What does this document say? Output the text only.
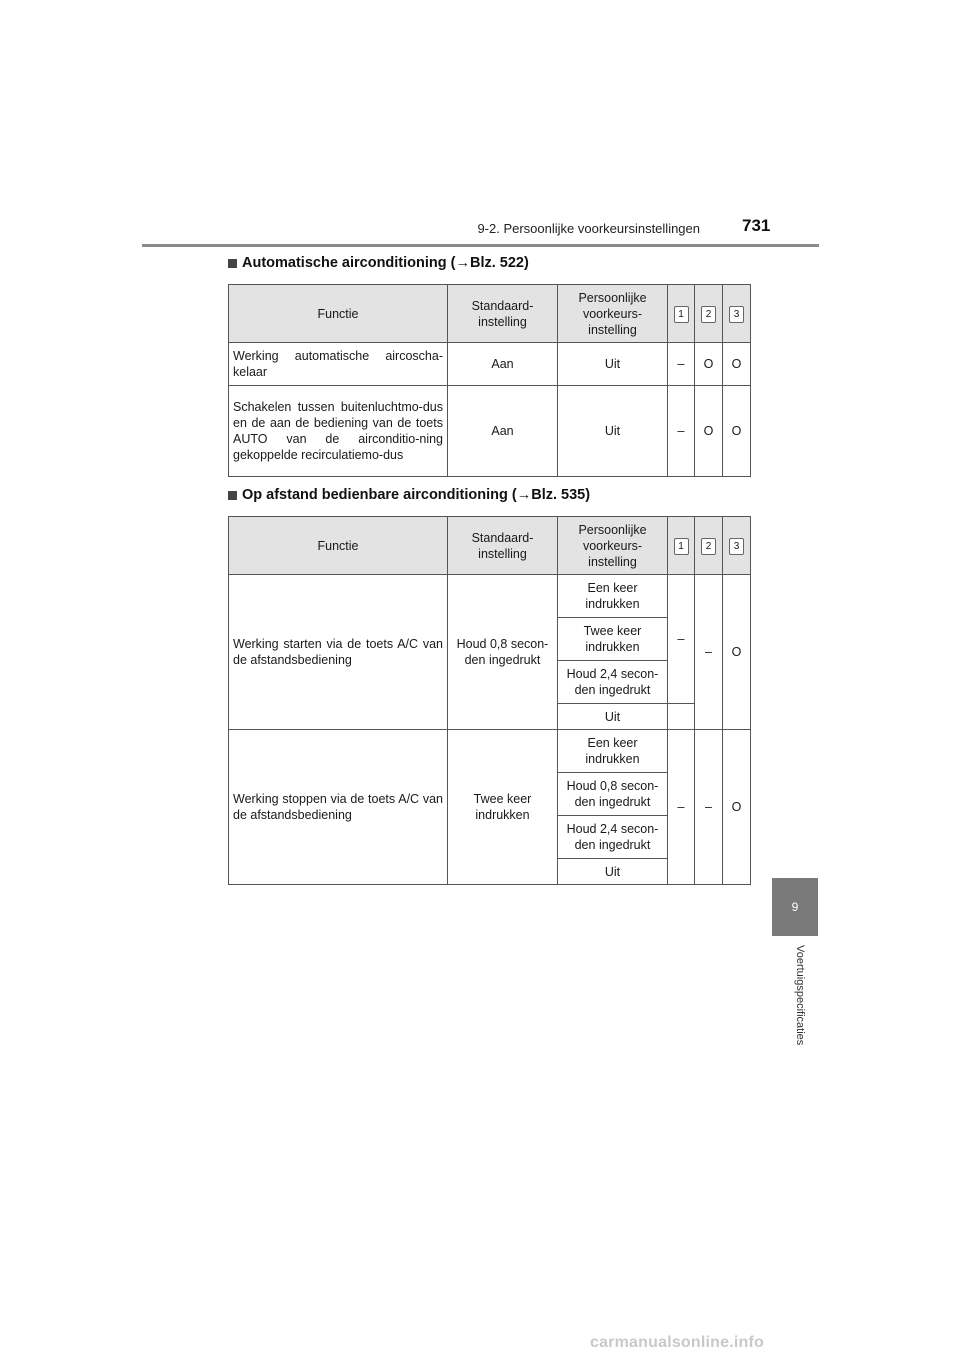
9-2. Persoonlijke voorkeursinstellingen 731
9
Voertuigspecificaties
Automatische airconditioning ( → Blz. 522)
Functie	Standaard-instelling	Persoonlijke voorkeurs-instelling	1	2	3
Werking automatische aircoscha-kelaar	Aan	Uit	–	O	O
Schakelen tussen buitenluchtmo-dus en de aan de bediening van de toets AUTO van de airconditio-ning gekoppelde recirculatiemo-dus	Aan	Uit	–	O	O
Op afstand bedienbare airconditioning ( → Blz. 535)
Functie	Standaard-instelling	Persoonlijke voorkeurs-instelling	1	2	3
Werking starten via de toets A/C van de afstandsbediening	Houd 0,8 secon-den ingedrukt	Een keer indrukken	–	–	O
		Twee keer indrukken			
		Houd 2,4 secon-den ingedrukt			
		Uit			
Werking stoppen via de toets A/C van de afstandsbediening	Twee keer indrukken	Een keer indrukken	–	–	O
		Houd 0,8 secon-den ingedrukt			
		Houd 2,4 secon-den ingedrukt			
		Uit			
carmanualsonline.info
